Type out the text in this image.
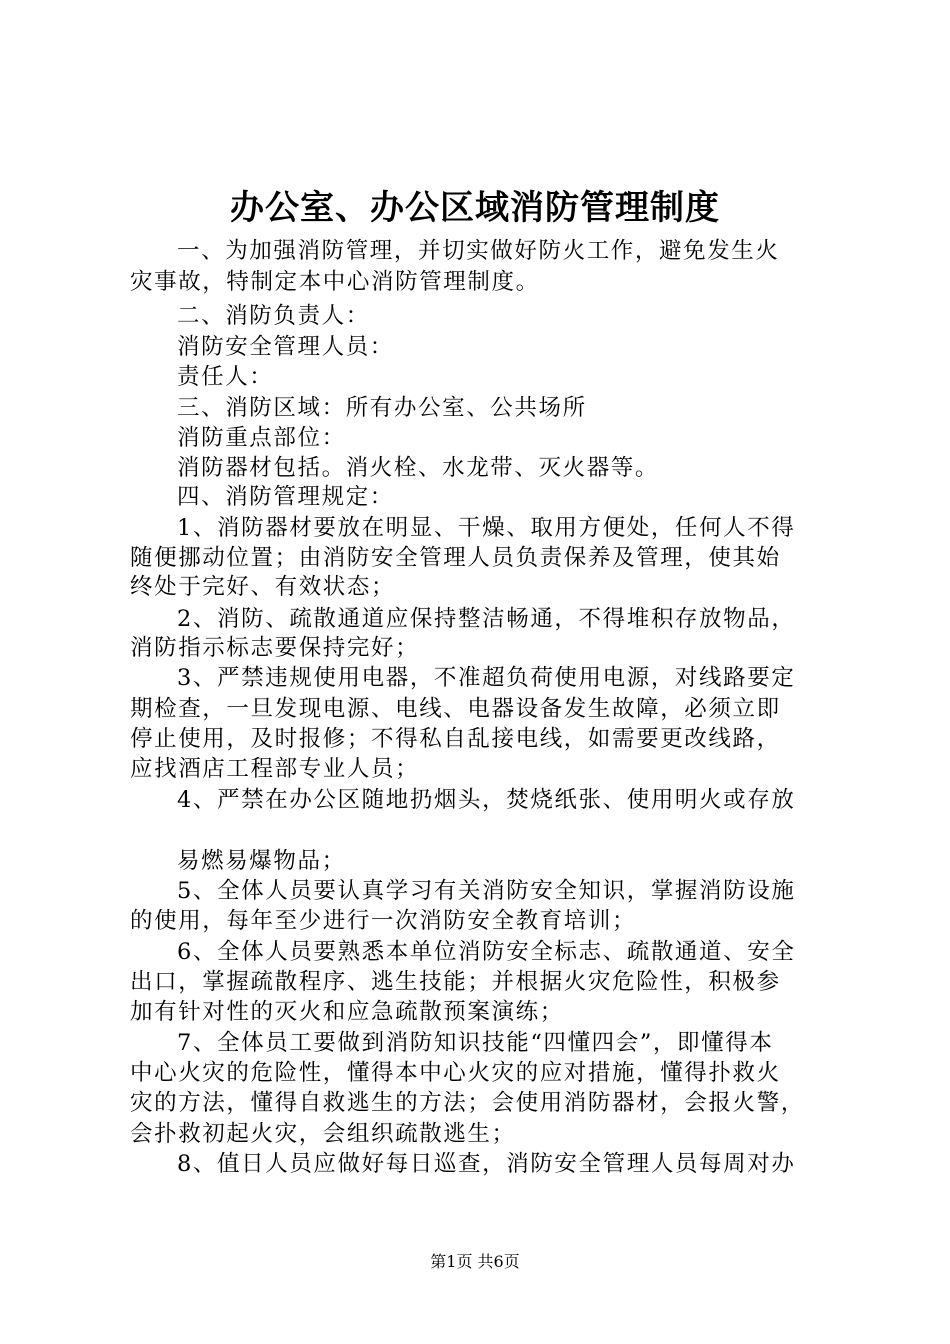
办公室、办公区域消防管理制度
一、为加强消防管理，并切实做好防火工作，避免发生火
灾事故，特制定本中心消防管理制度。
二、消防负责人：
消防安全管理人员：
责任人：
三、消防区域：所有办公室、公共场所
消防重点部位：
消防器材包括。消火栓、水龙带、灭火器等。
四、消防管理规定：
1、消防器材要放在明显、干燥、取用方便处，任何人不得
随便挪动位置；由消防安全管理人员负责保养及管理，使其始
终处于完好、有效状态；
2、消防、疏散通道应保持整洁畅通，不得堆积存放物品，
消防指示标志要保持完好；
3、严禁违规使用电器，不准超负荷使用电源，对线路要定
期检查，一旦发现电源、电线、电器设备发生故障，必须立即
停止使用，及时报修；不得私自乱接电线，如需要更改线路，
应找酒店工程部专业人员；
4、严禁在办公区随地扔烟头，焚烧纸张、使用明火或存放
易燃易爆物品；
5、全体人员要认真学习有关消防安全知识，掌握消防设施
的使用，每年至少进行一次消防安全教育培训；
6、全体人员要熟悉本单位消防安全标志、疏散通道、安全
出口，掌握疏散程序、逃生技能；并根据火灾危险性，积极参
加有针对性的灭火和应急疏散预案演练；
7、全体员工要做到消防知识技能“四懂四会”，即懂得本
中心火灾的危险性，懂得本中心火灾的应对措施，懂得扑救火
灾的方法，懂得自救逃生的方法；会使用消防器材，会报火警，
会扑救初起火灾，会组织疏散逃生；
8、值日人员应做好每日巡查，消防安全管理人员每周对办
第1页 共6页
